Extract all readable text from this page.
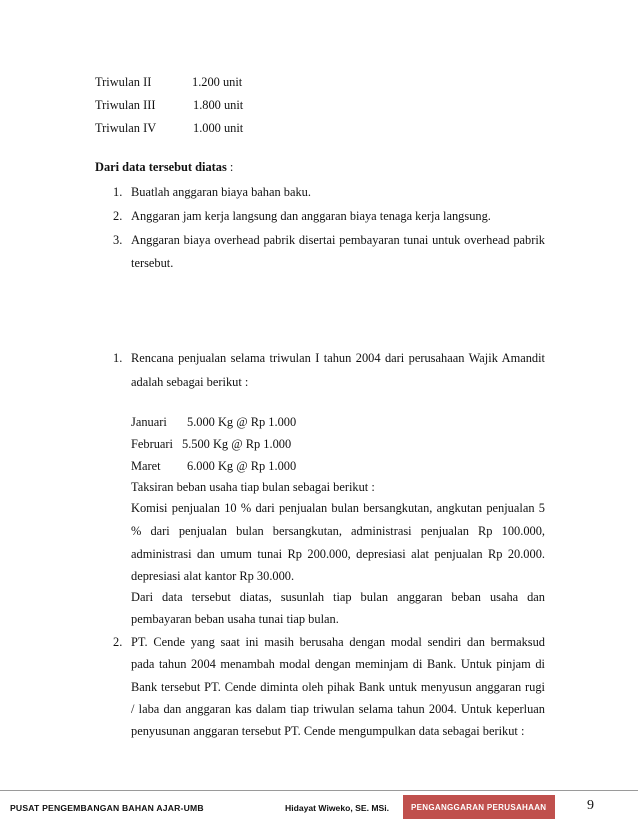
Triwulan II	1.200 unit
Triwulan III	1.800 unit
Triwulan IV	1.000 unit
Dari data tersebut diatas :
1. Buatlah anggaran biaya bahan baku.
2. Anggaran jam kerja langsung dan anggaran biaya tenaga kerja langsung.
3. Anggaran biaya overhead pabrik disertai pembayaran tunai untuk overhead pabrik
tersebut.
1. Rencana penjualan selama triwulan I tahun 2004 dari perusahaan Wajik Amandit
adalah sebagai berikut :
Januari 5.000 Kg @ Rp 1.000
Februari 5.500 Kg @ Rp 1.000
Maret 6.000 Kg @ Rp 1.000
Taksiran beban usaha tiap bulan sebagai berikut :
Komisi penjualan 10 % dari penjualan bulan bersangkutan, angkutan penjualan 5
% dari penjualan bulan bersangkutan, administrasi penjualan Rp 100.000,
administrasi dan umum tunai Rp 200.000, depresiasi alat penjualan Rp 20.000.
depresiasi alat kantor Rp 30.000.
Dari data tersebut diatas, susunlah tiap bulan anggaran beban usaha dan
pembayaran beban usaha tunai tiap bulan.
2. PT. Cende yang saat ini masih berusaha dengan modal sendiri dan bermaksud
pada tahun 2004 menambah modal dengan meminjam di Bank. Untuk pinjam di
Bank tersebut PT. Cende diminta oleh pihak Bank untuk menyusun anggaran rugi
/ laba dan anggaran kas dalam tiap triwulan selama tahun 2004. Untuk keperluan
penyusunan anggaran tersebut PT. Cende mengumpulkan data sebagai berikut :
PUSAT PENGEMBANGAN BAHAN AJAR-UMB	Hidayat Wiweko, SE. MSi.	PENGANGGARAN PERUSAHAAN	9
